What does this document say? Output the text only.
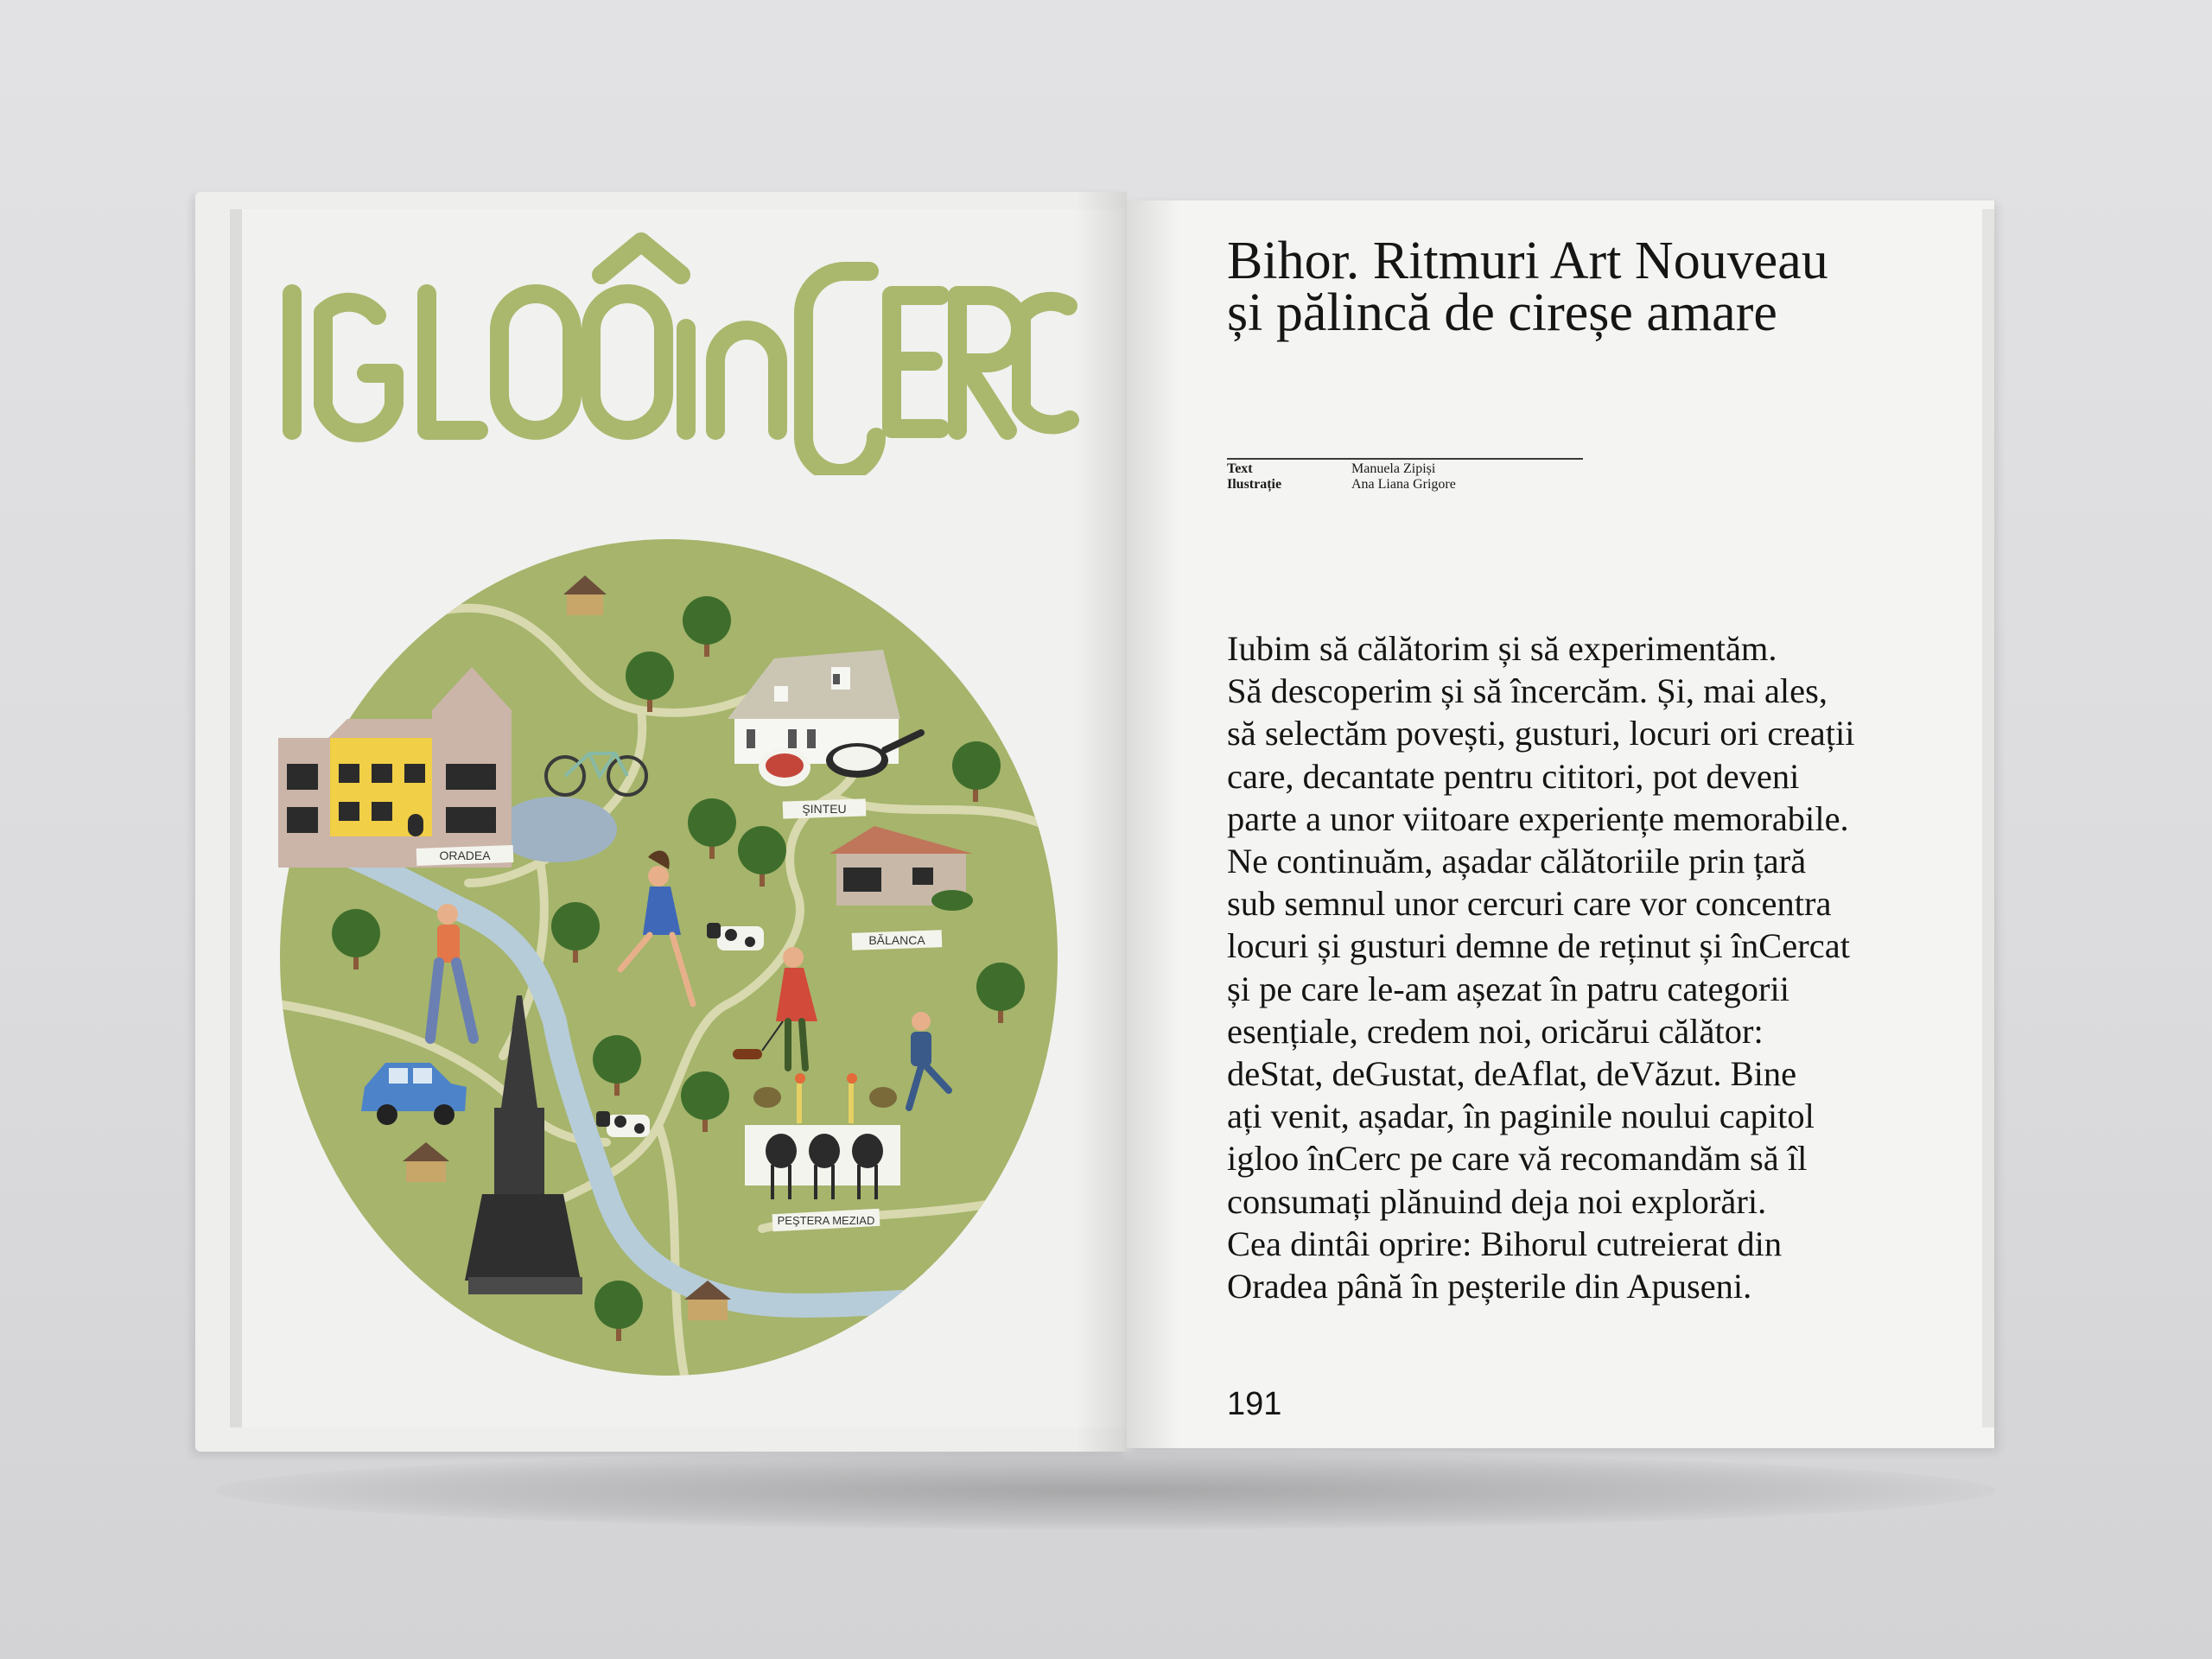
ORADEA
ŞINTEU
BĂLANCA
PEŞTERA MEZIAD
Bihor. Ritmuri Art Nouveau
și pălincă de cireșe amare
Text	Manuela Zipiși
Ilustrație	Ana Liana Grigore
Iubim să călătorim și să experimentăm.
Să descoperim și să încercăm. Și, mai ales,
să selectăm povești, gusturi, locuri ori creații
care, decantate pentru cititori, pot deveni
parte a unor viitoare experiențe memorabile.
Ne continuăm, așadar călătoriile prin țară
sub semnul unor cercuri care vor concentra
locuri și gusturi demne de reținut și înCercat
și pe care le-am așezat în patru categorii
esențiale, credem noi, oricărui călător:
deStat, deGustat, deAflat, deVăzut. Bine
ați venit, așadar, în paginile noului capitol
igloo înCerc pe care vă recomandăm să îl
consumați plănuind deja noi explorări.
Cea dintâi oprire: Bihorul cutreierat din
Oradea până în peșterile din Apuseni.
191
